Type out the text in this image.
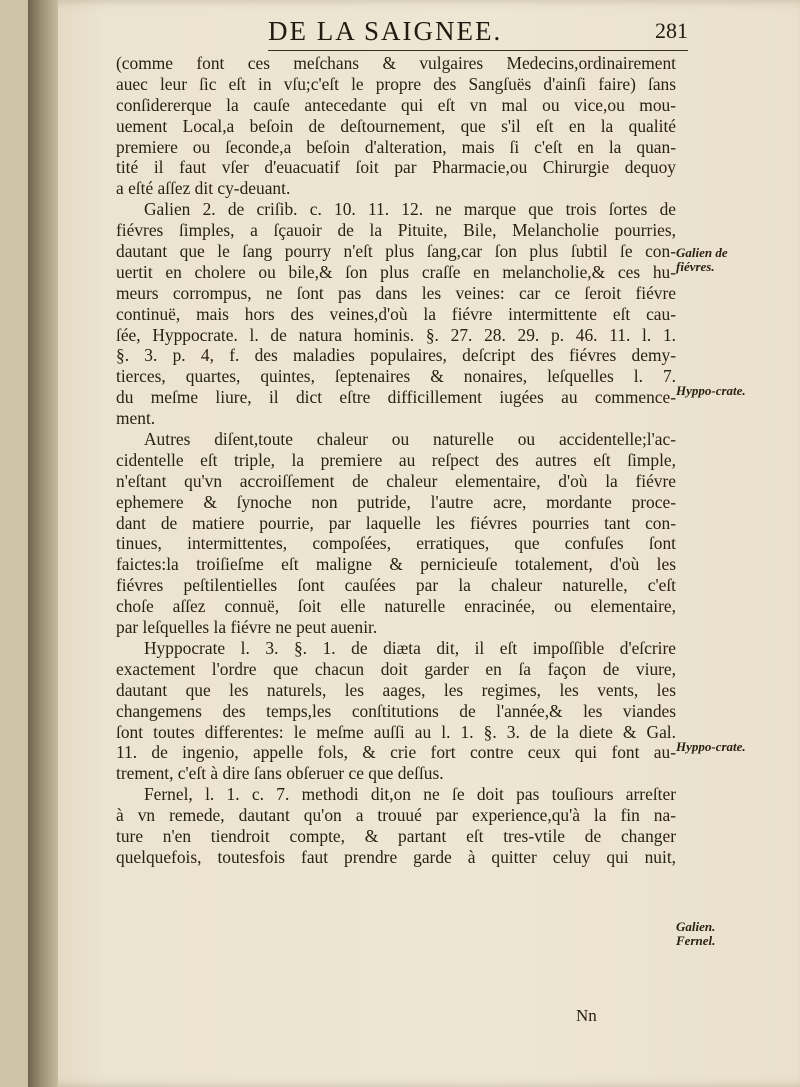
DE LA SAIGNEE.	281
(comme font ces meſchans & vulgaires Medecins,ordinairement
auec leur ſic eſt in vſu;c'eſt le propre des Sangſuës d'ainſi faire) ſans
conſidererque la cauſe antecedante qui eſt vn mal ou vice,ou mou-
uement Local,a beſoin de deſtournement, que s'il eſt en la qualité
premiere ou ſeconde,a beſoin d'alteration, mais ſi c'eſt en la quan-
tité il faut vſer d'euacuatif ſoit par Pharmacie,ou Chirurgie dequoy
a eſté aſſez dit cy-deuant.
Galien 2. de criſib. c. 10. 11. 12. ne marque que trois ſortes de
fiévres ſimples, a ſçauoir de la Pituite, Bile, Melancholie pourries,
dautant que le ſang pourry n'eſt plus ſang,car ſon plus ſubtil ſe con-
uertit en cholere ou bile,& ſon plus craſſe en melancholie,& ces hu-
meurs corrompus, ne ſont pas dans les veines: car ce ſeroit fiévre
continuë, mais hors des veines,d'où la fiévre intermittente eſt cau-
ſée, Hyppocrate. l. de natura hominis. §. 27. 28. 29. p. 46. 11. l. 1.
§. 3. p. 4, f. des maladies populaires, deſcript des fiévres demy-
tierces, quartes, quintes, ſeptenaires & nonaires, leſquelles l. 7.
du meſme liure, il dict eſtre difficillement iugées au commence-
ment.
Autres diſent,toute chaleur ou naturelle ou accidentelle;l'ac-
cidentelle eſt triple, la premiere au reſpect des autres eſt ſimple,
n'eſtant qu'vn accroiſſement de chaleur elementaire, d'où la fiévre
ephemere & ſynoche non putride, l'autre acre, mordante proce-
dant de matiere pourrie, par laquelle les fiévres pourries tant con-
tinues, intermittentes, compoſées, erratiques, que confuſes ſont
faictes:la troiſieſme eſt maligne & pernicieuſe totalement, d'où les
fiévres peſtilentielles ſont cauſées par la chaleur naturelle, c'eſt
choſe aſſez connuë, ſoit elle naturelle enracinée, ou elementaire,
par leſquelles la fiévre ne peut auenir.
Hyppocrate l. 3. §. 1. de diæta dit, il eſt impoſſible d'eſcrire
exactement l'ordre que chacun doit garder en ſa façon de viure,
dautant que les naturels, les aages, les regimes, les vents, les
changemens des temps,les conſtitutions de l'année,& les viandes
ſont toutes differentes: le meſme auſſi au l. 1. §. 3. de la diete & Gal.
11. de ingenio, appelle fols, & crie fort contre ceux qui font au-
trement, c'eſt à dire ſans obſeruer ce que deſſus.
Fernel, l. 1. c. 7. methodi dit,on ne ſe doit pas touſiours arreſter
à vn remede, dautant qu'on a trouué par experience,qu'à la fin na-
ture n'en tiendroit compte, & partant eſt tres-vtile de changer
quelquefois, toutesfois faut prendre garde à quitter celuy qui nuit,
Galien de fiévres.
Hyppo-crate.
Hyppo-crate.
Galien. Fernel.
Nn
